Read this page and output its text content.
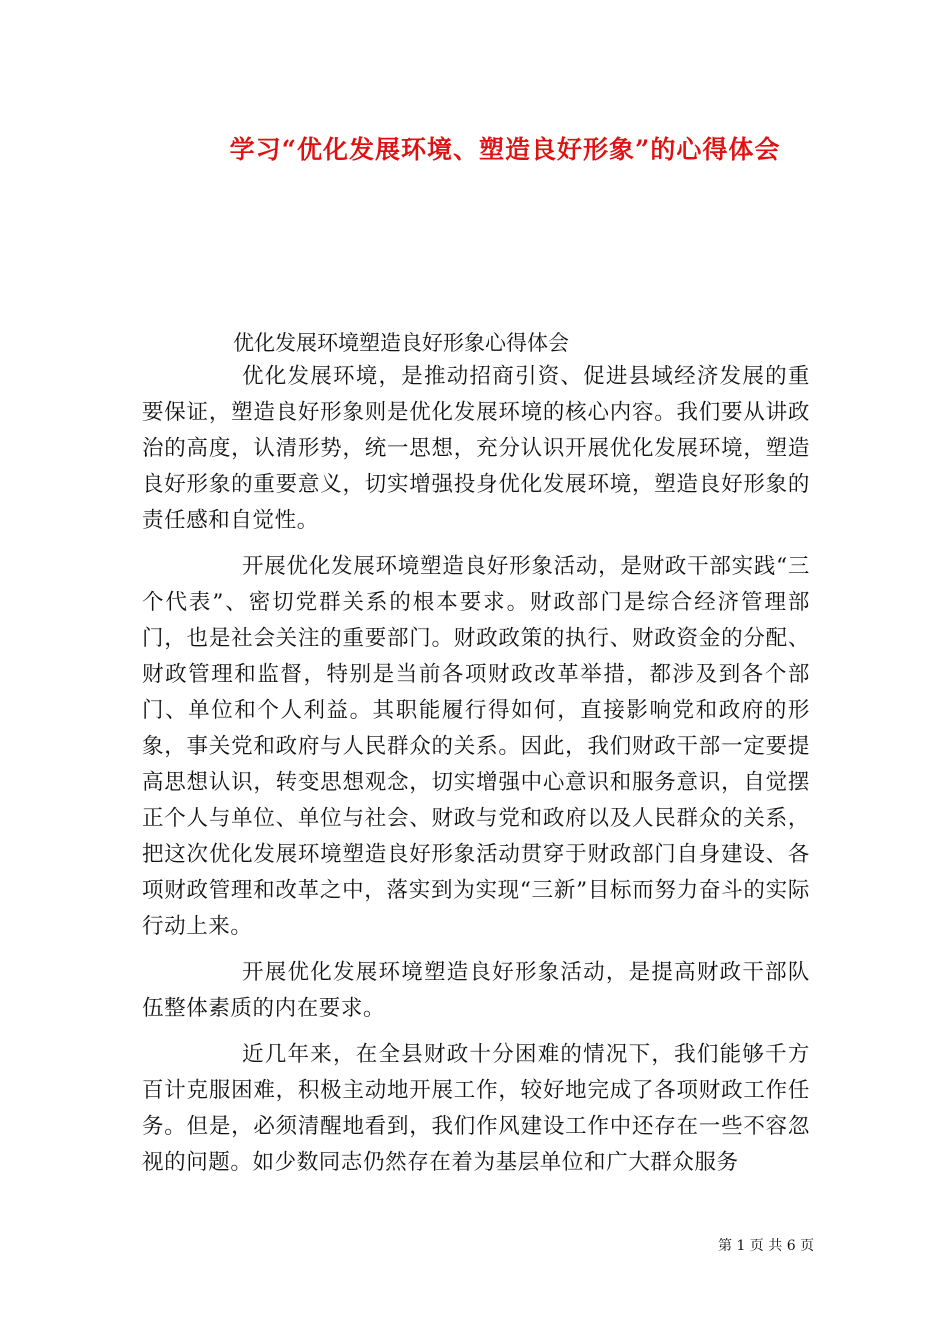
学习“优化发展环境、塑造良好形象”的心得体会
优化发展环境塑造良好形象心得体会

优化发展环境，是推动招商引资、促进县域经济发展的重要保证，塑造良好形象则是优化发展环境的核心内容。我们要从讲政治的高度，认清形势，统一思想，充分认识开展优化发展环境，塑造良好形象的重要意义，切实增强投身优化发展环境，塑造良好形象的责任感和自觉性。

开展优化发展环境塑造良好形象活动，是财政干部实践“三个代表”、密切党群关系的根本要求。财政部门是综合经济管理部门，也是社会关注的重要部门。财政政策的执行、财政资金的分配、财政管理和监督，特别是当前各项财政改革举措，都涉及到各个部门、单位和个人利益。其职能履行得如何，直接影响党和政府的形象，事关党和政府与人民群众的关系。因此，我们财政干部一定要提高思想认识，转变思想观念，切实增强中心意识和服务意识，自觉摆正个人与单位、单位与社会、财政与党和政府以及人民群众的关系，把这次优化发展环境塑造良好形象活动贯穿于财政部门自身建设、各项财政管理和改革之中，落实到为实现“三新”目标而努力奋斗的实际行动上来。

开展优化发展环境塑造良好形象活动，是提高财政干部队伍整体素质的内在要求。

近几年来，在全县财政十分困难的情况下，我们能够千方百计克服困难，积极主动地开展工作，较好地完成了各项财政工作任务。但是，必须清醒地看到，我们作风建设工作中还存在一些不容忽视的问题。如少数同志仍然存在着为基层单位和广大群众服务

第 1 页 共 6 页
